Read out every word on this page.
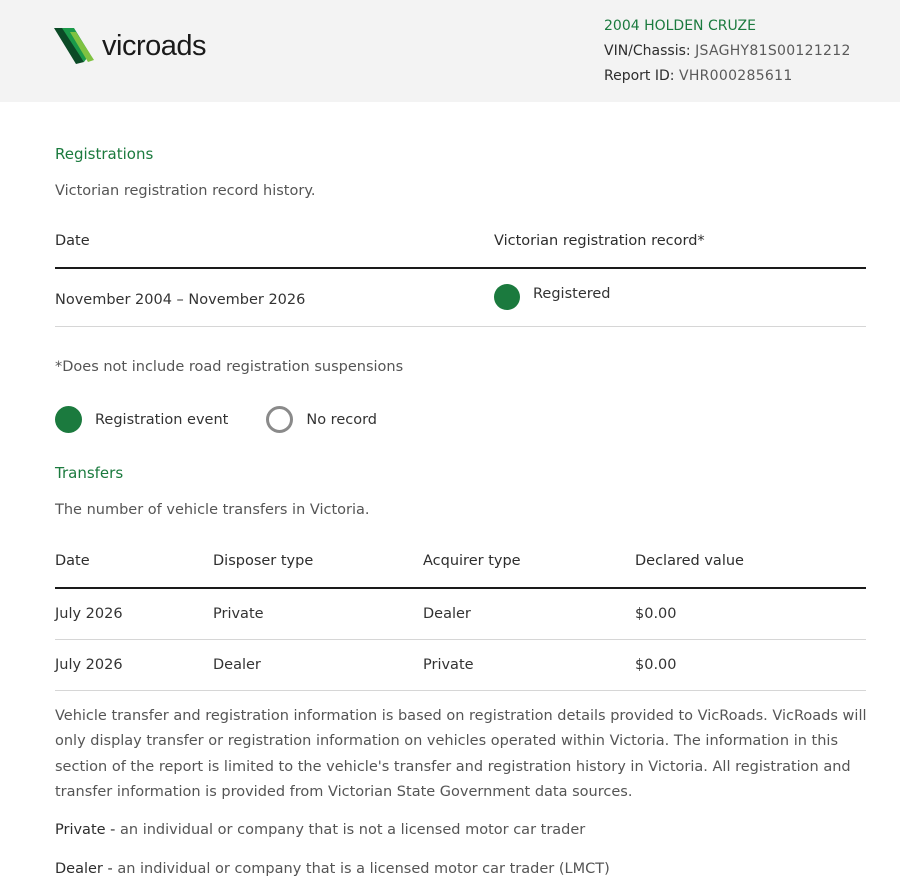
vicroads
2004 HOLDEN CRUZE
VIN/Chassis: JSAGHY81S00121212
Report ID: VHR000285611
Registrations
Victorian registration record history.
Date	Victorian registration record*
November 2004 – November 2026	Registered
*Does not include road registration suspensions
Registration event	No record
Transfers
The number of vehicle transfers in Victoria.
Date	Disposer type	Acquirer type	Declared value
July 2026	Private	Dealer	$0.00
July 2026	Dealer	Private	$0.00
Vehicle transfer and registration information is based on registration details provided to VicRoads. VicRoads will only display transfer or registration information on vehicles operated within Victoria. The information in this section of the report is limited to the vehicle's transfer and registration history in Victoria. All registration and transfer information is provided from Victorian State Government data sources.
Private - an individual or company that is not a licensed motor car trader
Dealer - an individual or company that is a licensed motor car trader (LMCT)
